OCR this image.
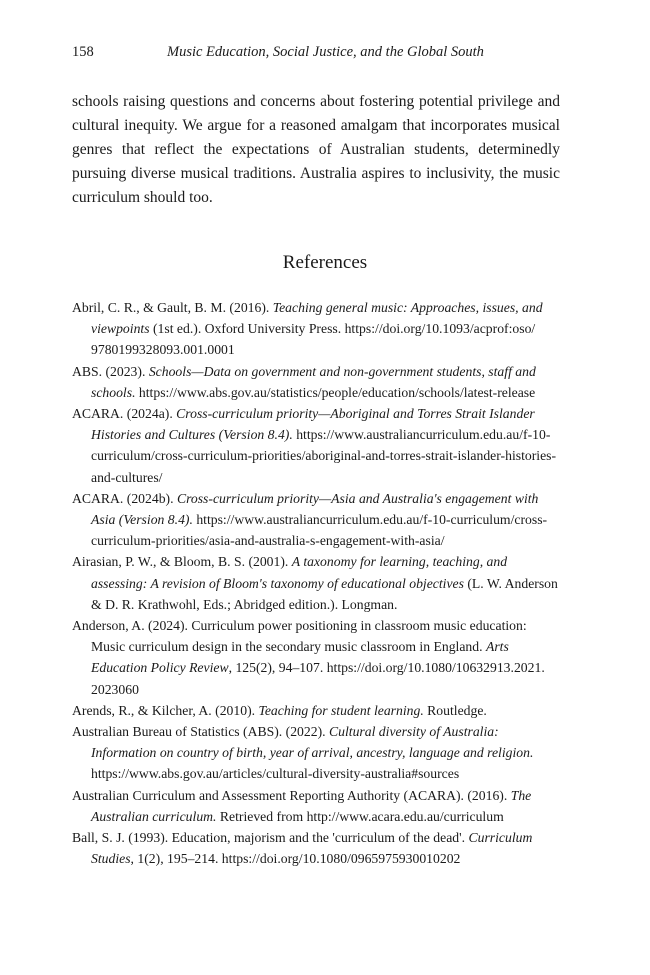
158	Music Education, Social Justice, and the Global South

schools raising questions and concerns about fostering potential privilege and cultural inequity. We argue for a reasoned amalgam that incorporates musical genres that reflect the expectations of Australian students, determinedly pursuing diverse musical traditions. Australia aspires to inclusivity, the music curriculum should too.

References
Abril, C. R., & Gault, B. M. (2016). Teaching general music: Approaches, issues, and viewpoints (1st ed.). Oxford University Press. https://doi.org/10.1093/acprof:oso/9780199328093.001.0001
ABS. (2023). Schools—Data on government and non-government students, staff and schools. https://www.abs.gov.au/statistics/people/education/schools/latest-release
ACARA. (2024a). Cross-curriculum priority—Aboriginal and Torres Strait Islander Histories and Cultures (Version 8.4). https://www.australiancurriculum.edu.au/f-10-curriculum/cross-curriculum-priorities/aboriginal-and-torres-strait-islander-histories-and-cultures/
ACARA. (2024b). Cross-curriculum priority—Asia and Australia's engagement with Asia (Version 8.4). https://www.australiancurriculum.edu.au/f-10-curriculum/cross-curriculum-priorities/asia-and-australia-s-engagement-with-asia/
Airasian, P. W., & Bloom, B. S. (2001). A taxonomy for learning, teaching, and assessing: A revision of Bloom's taxonomy of educational objectives (L. W. Anderson & D. R. Krathwohl, Eds.; Abridged edition.). Longman.
Anderson, A. (2024). Curriculum power positioning in classroom music education: Music curriculum design in the secondary music classroom in England. Arts Education Policy Review, 125(2), 94–107. https://doi.org/10.1080/10632913.2021.2023060
Arends, R., & Kilcher, A. (2010). Teaching for student learning. Routledge.
Australian Bureau of Statistics (ABS). (2022). Cultural diversity of Australia: Information on country of birth, year of arrival, ancestry, language and religion. https://www.abs.gov.au/articles/cultural-diversity-australia#sources
Australian Curriculum and Assessment Reporting Authority (ACARA). (2016). The Australian curriculum. Retrieved from http://www.acara.edu.au/curriculum
Ball, S. J. (1993). Education, majorism and the 'curriculum of the dead'. Curriculum Studies, 1(2), 195–214. https://doi.org/10.1080/0965975930010202
